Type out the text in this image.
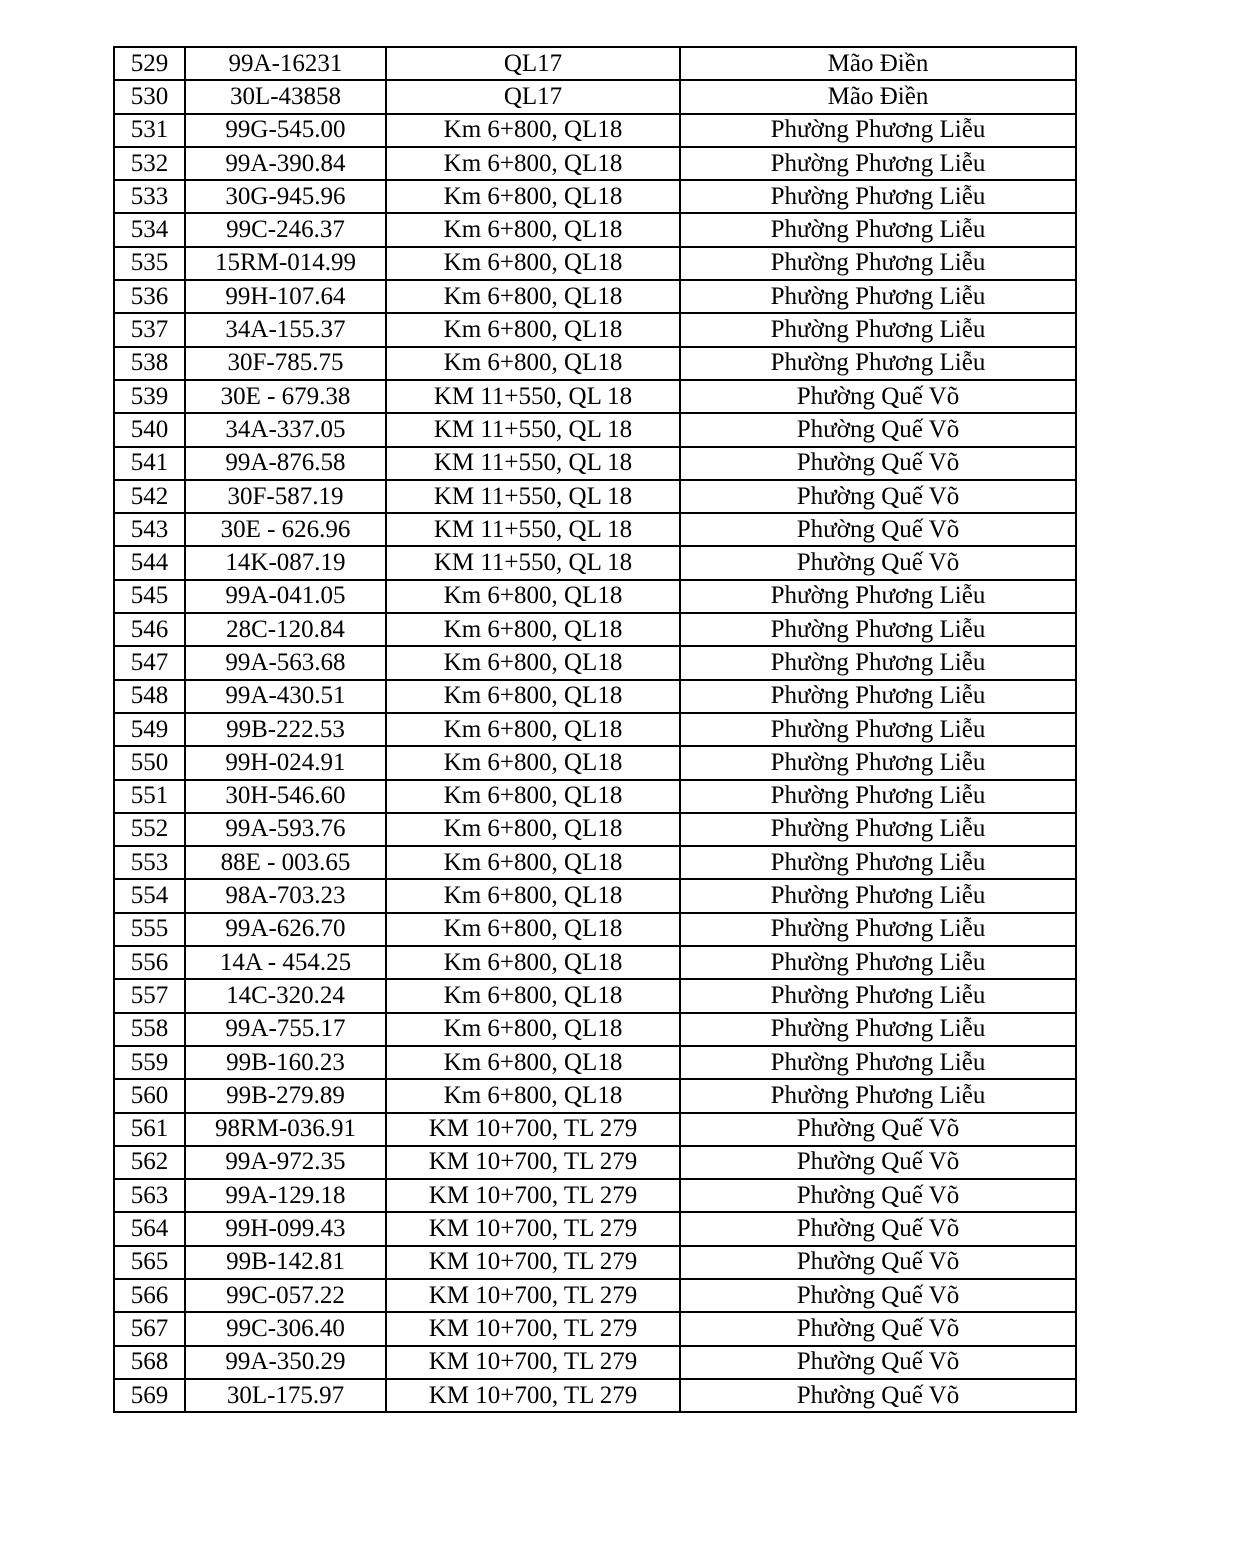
529	99A-16231	QL17	Mão Điền
530	30L-43858	QL17	Mão Điền
531	99G-545.00	Km 6+800, QL18	Phường Phương Liễu
532	99A-390.84	Km 6+800, QL18	Phường Phương Liễu
533	30G-945.96	Km 6+800, QL18	Phường Phương Liễu
534	99C-246.37	Km 6+800, QL18	Phường Phương Liễu
535	15RM-014.99	Km 6+800, QL18	Phường Phương Liễu
536	99H-107.64	Km 6+800, QL18	Phường Phương Liễu
537	34A-155.37	Km 6+800, QL18	Phường Phương Liễu
538	30F-785.75	Km 6+800, QL18	Phường Phương Liễu
539	30E - 679.38	KM 11+550, QL 18	Phường Quế Võ
540	34A-337.05	KM 11+550, QL 18	Phường Quế Võ
541	99A-876.58	KM 11+550, QL 18	Phường Quế Võ
542	30F-587.19	KM 11+550, QL 18	Phường Quế Võ
543	30E - 626.96	KM 11+550, QL 18	Phường Quế Võ
544	14K-087.19	KM 11+550, QL 18	Phường Quế Võ
545	99A-041.05	Km 6+800, QL18	Phường Phương Liễu
546	28C-120.84	Km 6+800, QL18	Phường Phương Liễu
547	99A-563.68	Km 6+800, QL18	Phường Phương Liễu
548	99A-430.51	Km 6+800, QL18	Phường Phương Liễu
549	99B-222.53	Km 6+800, QL18	Phường Phương Liễu
550	99H-024.91	Km 6+800, QL18	Phường Phương Liễu
551	30H-546.60	Km 6+800, QL18	Phường Phương Liễu
552	99A-593.76	Km 6+800, QL18	Phường Phương Liễu
553	88E - 003.65	Km 6+800, QL18	Phường Phương Liễu
554	98A-703.23	Km 6+800, QL18	Phường Phương Liễu
555	99A-626.70	Km 6+800, QL18	Phường Phương Liễu
556	14A - 454.25	Km 6+800, QL18	Phường Phương Liễu
557	14C-320.24	Km 6+800, QL18	Phường Phương Liễu
558	99A-755.17	Km 6+800, QL18	Phường Phương Liễu
559	99B-160.23	Km 6+800, QL18	Phường Phương Liễu
560	99B-279.89	Km 6+800, QL18	Phường Phương Liễu
561	98RM-036.91	KM 10+700, TL 279	Phường Quế Võ
562	99A-972.35	KM 10+700, TL 279	Phường Quế Võ
563	99A-129.18	KM 10+700, TL 279	Phường Quế Võ
564	99H-099.43	KM 10+700, TL 279	Phường Quế Võ
565	99B-142.81	KM 10+700, TL 279	Phường Quế Võ
566	99C-057.22	KM 10+700, TL 279	Phường Quế Võ
567	99C-306.40	KM 10+700, TL 279	Phường Quế Võ
568	99A-350.29	KM 10+700, TL 279	Phường Quế Võ
569	30L-175.97	KM 10+700, TL 279	Phường Quế Võ
